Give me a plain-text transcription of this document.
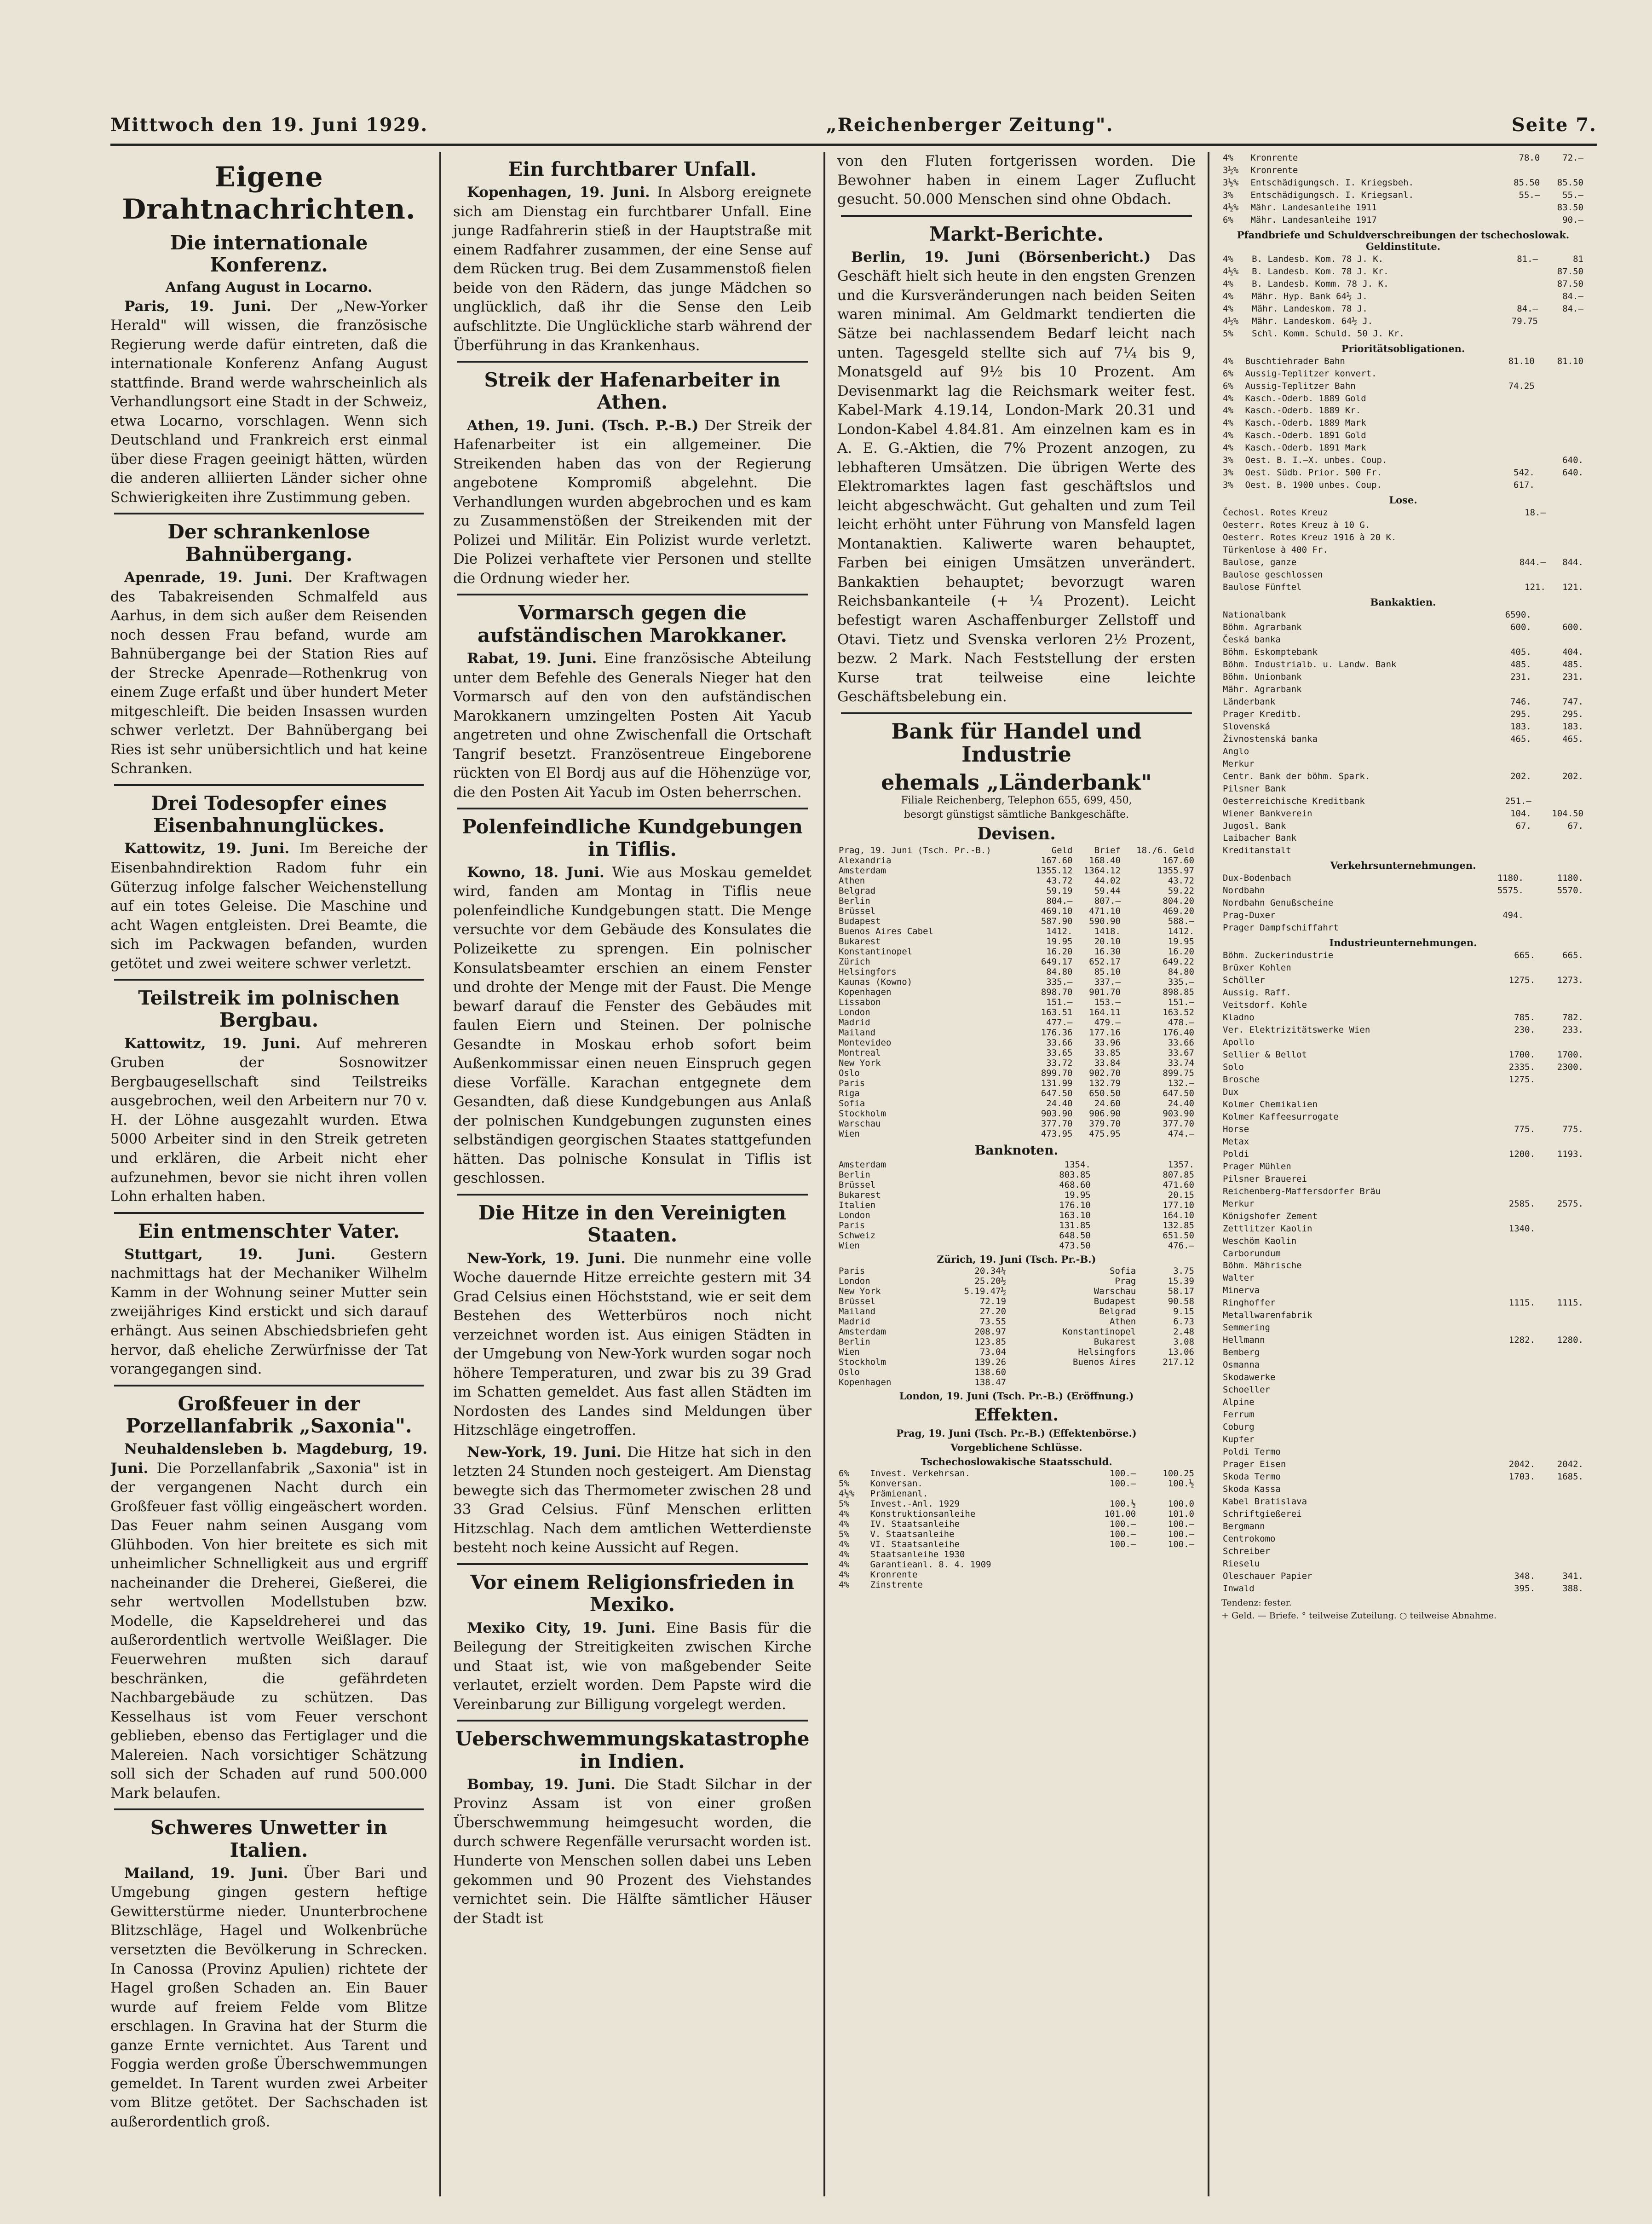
Mittwoch den 19. Juni 1929.	„Reichenberger Zeitung".	Seite 7.
Eigene Drahtnachrichten.
Die internationale Konferenz.
Anfang August in Locarno.

Paris, 19. Juni. Der „New-Yorker Herald" will wissen, die französische Regierung werde dafür eintreten, daß die internationale Konferenz Anfang August stattfinde. Brand werde wahrscheinlich als Verhandlungsort eine Stadt in der Schweiz, etwa Locarno, vorschlagen. Wenn sich Deutschland und Frankreich erst einmal über diese Fragen geeinigt hätten, würden die anderen alliierten Länder sicher ohne Schwierigkeiten ihre Zustimmung geben.

Der schrankenlose Bahnübergang.

Apenrade, 19. Juni. Der Kraftwagen des Tabakreisenden Schmalfeld aus Aarhus, in dem sich außer dem Reisenden noch dessen Frau befand, wurde am Bahnübergange bei der Station Ries auf der Strecke Apenrade—Rothenkrug von einem Zuge erfaßt und über hundert Meter mitgeschleift. Die beiden Insassen wurden schwer verletzt. Der Bahnübergang bei Ries ist sehr unübersichtlich und hat keine Schranken.

Drei Todesopfer eines Eisenbahnunglückes.

Kattowitz, 19. Juni. Im Bereiche der Eisenbahndirektion Radom fuhr ein Güterzug infolge falscher Weichenstellung auf ein totes Geleise. Die Maschine und acht Wagen entgleisten. Drei Beamte, die sich im Packwagen befanden, wurden getötet und zwei weitere schwer verletzt.

Teilstreik im polnischen Bergbau.

Kattowitz, 19. Juni. Auf mehreren Gruben der Sosnowitzer Bergbaugesellschaft sind Teilstreiks ausgebrochen, weil den Arbeitern nur 70 v. H. der Löhne ausgezahlt wurden. Etwa 5000 Arbeiter sind in den Streik getreten und erklären, die Arbeit nicht eher aufzunehmen, bevor sie nicht ihren vollen Lohn erhalten haben.

Ein entmenschter Vater.

Stuttgart, 19. Juni. Gestern nachmittags hat der Mechaniker Wilhelm Kamm in der Wohnung seiner Mutter sein zweijähriges Kind erstickt und sich darauf erhängt. Aus seinen Abschiedsbriefen geht hervor, daß eheliche Zerwürfnisse der Tat vorangegangen sind.

Großfeuer in der Porzellanfabrik „Saxonia".

Neuhaldensleben b. Magdeburg, 19. Juni. Die Porzellanfabrik „Saxonia" ist in der vergangenen Nacht durch ein Großfeuer fast völlig eingeäschert worden. Das Feuer nahm seinen Ausgang vom Glühboden. Von hier breitete es sich mit unheimlicher Schnelligkeit aus und ergriff nacheinander die Dreherei, Gießerei, die sehr wertvollen Modellstuben bzw. Modelle, die Kapseldreherei und das außerordentlich wertvolle Weißlager. Die Feuerwehren mußten sich darauf beschränken, die gefährdeten Nachbargebäude zu schützen. Das Kesselhaus ist vom Feuer verschont geblieben, ebenso das Fertiglager und die Malereien. Nach vorsichtiger Schätzung soll sich der Schaden auf rund 500.000 Mark belaufen.

Schweres Unwetter in Italien.

Mailand, 19. Juni. Über Bari und Umgebung gingen gestern heftige Gewitterstürme nieder. Ununterbrochene Blitzschläge, Hagel und Wolkenbrüche versetzten die Bevölkerung in Schrecken. In Canossa (Provinz Apulien) richtete der Hagel großen Schaden an. Ein Bauer wurde auf freiem Felde vom Blitze erschlagen. In Gravina hat der Sturm die ganze Ernte vernichtet. Aus Tarent und Foggia werden große Überschwemmungen gemeldet. In Tarent wurden zwei Arbeiter vom Blitze getötet. Der Sachschaden ist außerordentlich groß.

Ein furchtbarer Unfall.

Kopenhagen, 19. Juni. In Alsborg ereignete sich am Dienstag ein furchtbarer Unfall. Eine junge Radfahrerin stieß in der Hauptstraße mit einem Radfahrer zusammen, der eine Sense auf dem Rücken trug. Bei dem Zusammenstoß fielen beide von den Rädern, das junge Mädchen so unglücklich, daß ihr die Sense den Leib aufschlitzte. Die Unglückliche starb während der Überführung in das Krankenhaus.

Streik der Hafenarbeiter in Athen.

Athen, 19. Juni. (Tsch. P.-B.) Der Streik der Hafenarbeiter ist ein allgemeiner. Die Streikenden haben das von der Regierung angebotene Kompromiß abgelehnt. Die Verhandlungen wurden abgebrochen und es kam zu Zusammenstößen der Streikenden mit der Polizei und Militär. Ein Polizist wurde verletzt. Die Polizei verhaftete vier Personen und stellte die Ordnung wieder her.

Vormarsch gegen die aufständischen Marokkaner.

Rabat, 19. Juni. Eine französische Abteilung unter dem Befehle des Generals Nieger hat den Vormarsch auf den von den aufständischen Marokkanern umzingelten Posten Ait Yacub angetreten und ohne Zwischenfall die Ortschaft Tangrif besetzt. Französentreue Eingeborene rückten von El Bordj aus auf die Höhenzüge vor, die den Posten Ait Yacub im Osten beherrschen.

Polenfeindliche Kundgebungen in Tiflis.

Kowno, 18. Juni. Wie aus Moskau gemeldet wird, fanden am Montag in Tiflis neue polenfeindliche Kundgebungen statt. Die Menge versuchte vor dem Gebäude des Konsulates die Polizeikette zu sprengen. Ein polnischer Konsulatsbeamter erschien an einem Fenster und drohte der Menge mit der Faust. Die Menge bewarf darauf die Fenster des Gebäudes mit faulen Eiern und Steinen. Der polnische Gesandte in Moskau erhob sofort beim Außenkommissar einen neuen Einspruch gegen diese Vorfälle. Karachan entgegnete dem Gesandten, daß diese Kundgebungen aus Anlaß der polnischen Kundgebungen zugunsten eines selbständigen georgischen Staates stattgefunden hätten. Das polnische Konsulat in Tiflis ist geschlossen.

Die Hitze in den Vereinigten Staaten.

New-York, 19. Juni. Die nunmehr eine volle Woche dauernde Hitze erreichte gestern mit 34 Grad Celsius einen Höchststand, wie er seit dem Bestehen des Wetterbüros noch nicht verzeichnet worden ist. Aus einigen Städten in der Umgebung von New-York wurden sogar noch höhere Temperaturen, und zwar bis zu 39 Grad im Schatten gemeldet. Aus fast allen Städten im Nordosten des Landes sind Meldungen über Hitzschläge eingetroffen.

New-York, 19. Juni. Die Hitze hat sich in den letzten 24 Stunden noch gesteigert. Am Dienstag bewegte sich das Thermometer zwischen 28 und 33 Grad Celsius. Fünf Menschen erlitten Hitzschlag. Nach dem amtlichen Wetterdienste besteht noch keine Aussicht auf Regen.

Vor einem Religionsfrieden in Mexiko.

Mexiko City, 19. Juni. Eine Basis für die Beilegung der Streitigkeiten zwischen Kirche und Staat ist, wie von maßgebender Seite verlautet, erzielt worden. Dem Papste wird die Vereinbarung zur Billigung vorgelegt werden.

Ueberschwemmungskatastrophe in Indien.

Bombay, 19. Juni. Die Stadt Silchar in der Provinz Assam ist von einer großen Überschwemmung heimgesucht worden, die durch schwere Regenfälle verursacht worden ist. Hunderte von Menschen sollen dabei uns Leben gekommen und 90 Prozent des Viehstandes vernichtet sein. Die Hälfte sämtlicher Häuser der Stadt ist

von den Fluten fortgerissen worden. Die Bewohner haben in einem Lager Zuflucht gesucht. 50.000 Menschen sind ohne Obdach.

Markt-Berichte.

Berlin, 19. Juni (Börsenbericht.) Das Geschäft hielt sich heute in den engsten Grenzen und die Kursveränderungen nach beiden Seiten waren minimal. Am Geldmarkt tendierten die Sätze bei nachlassendem Bedarf leicht nach unten. Tagesgeld stellte sich auf 7¼ bis 9, Monatsgeld auf 9½ bis 10 Prozent. Am Devisenmarkt lag die Reichsmark weiter fest. Kabel-Mark 4.19.14, London-Mark 20.31 und London-Kabel 4.84.81. Am einzelnen kam es in A. E. G.-Aktien, die 7% Prozent anzogen, zu lebhafteren Umsätzen. Die übrigen Werte des Elektromarktes lagen fast geschäftslos und leicht abgeschwächt. Gut gehalten und zum Teil leicht erhöht unter Führung von Mansfeld lagen Montanaktien. Kaliwerte waren behauptet, Farben bei einigen Umsätzen unverändert. Bankaktien behauptet; bevorzugt waren Reichsbankanteile (+ ¼ Prozent). Leicht befestigt waren Aschaffenburger Zellstoff und Otavi. Tietz und Svenska verloren 2½ Prozent, bezw. 2 Mark. Nach Feststellung der ersten Kurse trat teilweise eine leichte Geschäftsbelebung ein.

Bank für Handel und Industrie
ehemals „Länderbank"
Filiale Reichenberg, Telephon 655, 699, 450,
besorgt günstigst sämtliche Bankgeschäfte.
Devisen.
Prag, 19. Juni (Tsch. Pr.-B.)	Geld	Brief	18./6. Geld
Alexandria	167.60	168.40	167.60
Amsterdam	1355.12	1364.12	1355.97
Athen	43.72	44.02	43.72
Belgrad	59.19	59.44	59.22
Berlin	804.—	807.—	804.20
Brüssel	469.10	471.10	469.20
Budapest	587.90	590.90	588.—
Buenos Aires Cabel	1412.	1418.	1412.
Bukarest	19.95	20.10	19.95
Konstantinopel	16.20	16.30	16.20
Zürich	649.17	652.17	649.22
Helsingfors	84.80	85.10	84.80
Kaunas (Kowno)	335.—	337.—	335.—
Kopenhagen	898.70	901.70	898.85
Lissabon	151.—	153.—	151.—
London	163.51	164.11	163.52
Madrid	477.—	479.—	478.—
Mailand	176.36	177.16	176.40
Montevideo	33.66	33.96	33.66
Montreal	33.65	33.85	33.67
New York	33.72	33.84	33.74
Oslo	899.70	902.70	899.75
Paris	131.99	132.79	132.—
Riga	647.50	650.50	647.50
Sofia	24.40	24.60	24.40
Stockholm	903.90	906.90	903.90
Warschau	377.70	379.70	377.70
Wien	473.95	475.95	474.—
Banknoten.
Amsterdam	1354.	1357.
Berlin	803.85	807.85
Brüssel	468.60	471.60
Bukarest	19.95	20.15
Italien	176.10	177.10
London	163.10	164.10
Paris	131.85	132.85
Schweiz	648.50	651.50
Wien	473.50	476.—
Zürich, 19. Juni (Tsch. Pr.-B.)
Paris	20.34¼	Sofia	3.75
London	25.20½	Prag	15.39
New York	5.19.47½	Warschau	58.17
Brüssel	72.19	Budapest	90.58
Mailand	27.20	Belgrad	9.15
Madrid	73.55	Athen	6.73
Amsterdam	208.97	Konstantinopel	2.48
Berlin	123.85	Bukarest	3.08
Wien	73.04	Helsingfors	13.06
Stockholm	139.26	Buenos Aires	217.12
Oslo	138.60		
Kopenhagen	138.47		
London, 19. Juni (Tsch. Pr.-B.) (Eröffnung.)
Effekten.
Prag, 19. Juni (Tsch. Pr.-B.) (Effektenbörse.)
Vorgeblichene Schlüsse.
Tschechoslowakische Staatsschuld.
6%	Invest. Verkehrsan.	100.—	100.25
5%	Konversan.	100.—	100.½
4½%	Prämienanl.		
5%	Invest.-Anl. 1929	100.½	100.0
4%	Konstruktionsanleihe	101.00	101.0
4%	IV. Staatsanleihe	100.—	100.—
5%	V. Staatsanleihe	100.—	100.—
4%	VI. Staatsanleihe	100.—	100.—
4%	Staatsanleihe 1930		
4%	Garantieanl. 8. 4. 1909		
4%	Kronrente		
4%	Zinstrente		
4%	Kronrente	78.0	72.—
3½%	Kronrente		
3½%	Entschädigungsch. I. Kriegsbeh.	85.50	85.50
3%	Entschädigungsch. I. Kriegsanl.	55.—	55.—
4½%	Mähr. Landesanleihe 1911		83.50
6%	Mähr. Landesanleihe 1917		90.—
Pfandbriefe und Schuldverschreibungen der tschechoslowak. Geldinstitute.
4%	B. Landesb. Kom. 78 J. K.	81.—	81
4½%	B. Landesb. Kom. 78 J. Kr.		87.50
4%	B. Landesb. Komm. 78 J. K.		87.50
4%	Mähr. Hyp. Bank 64½ J.		84.—
4%	Mähr. Landeskom. 78 J.	84.—	84.—
4½%	Mähr. Landeskom. 64½ J.	79.75	
5%	Schl. Komm. Schuld. 50 J. Kr.		
Prioritätsobligationen.
4%	Buschtiehrader Bahn	81.10	81.10
6%	Aussig-Teplitzer konvert.		
6%	Aussig-Teplitzer Bahn	74.25	
4%	Kasch.-Oderb. 1889 Gold		
4%	Kasch.-Oderb. 1889 Kr.		
4%	Kasch.-Oderb. 1889 Mark		
4%	Kasch.-Oderb. 1891 Gold		
4%	Kasch.-Oderb. 1891 Mark		
3%	Oest. B. I.—X. unbes. Coup.		640.
3%	Oest. Südb. Prior. 500 Fr.	542.	640.
3%	Oest. B. 1900 unbes. Coup.	617.	
Lose.
Čechosl. Rotes Kreuz	18.—	
Oesterr. Rotes Kreuz à 10 G.		
Oesterr. Rotes Kreuz 1916 à 20 K.		
Türkenlose à 400 Fr.		
Baulose, ganze	844.—	844.
Baulose geschlossen		
Baulose Fünftel	121.	121.
Bankaktien.
Nationalbank	6590.	
Böhm. Agrarbank	600.	600.
Česká banka		
Böhm. Eskomptebank	405.	404.
Böhm. Industrialb. u. Landw. Bank	485.	485.
Böhm. Unionbank	231.	231.
Mähr. Agrarbank		
Länderbank	746.	747.
Prager Kreditb.	295.	295.
Slovenská	183.	183.
Živnostenská banka	465.	465.
Anglo		
Merkur		
Centr. Bank der böhm. Spark.	202.	202.
Pilsner Bank		
Oesterreichische Kreditbank	251.—	
Wiener Bankverein	104.	104.50
Jugosl. Bank	67.	67.
Laibacher Bank		
Kreditanstalt		
Verkehrsunternehmungen.
Dux-Bodenbach	1180.	1180.
Nordbahn	5575.	5570.
Nordbahn Genußscheine		
Prag-Duxer	494.	
Prager Dampfschiffahrt		
Industrieunternehmungen.
Böhm. Zuckerindustrie	665.	665.
Brüxer Kohlen		
Schöller	1275.	1273.
Aussig. Raff.		
Veitsdorf. Kohle		
Kladno	785.	782.
Ver. Elektrizitätswerke Wien	230.	233.
Apollo		
Sellier & Bellot	1700.	1700.
Solo	2335.	2300.
Brosche	1275.	
Dux		
Kolmer Chemikalien		
Kolmer Kaffeesurrogate		
Horse	775.	775.
Metax		
Poldi	1200.	1193.
Prager Mühlen		
Pilsner Brauerei		
Reichenberg-Maffersdorfer Bräu		
Merkur	2585.	2575.
Königshofer Zement		
Zettlitzer Kaolin	1340.	
Weschöm Kaolin		
Carborundum		
Böhm. Mährische		
Walter		
Minerva		
Ringhoffer	1115.	1115.
Metallwarenfabrik		
Semmering		
Hellmann	1282.	1280.
Bemberg		
Osmanna		
Skodawerke		
Schoeller		
Alpine		
Ferrum		
Coburg		
Kupfer		
Poldi Termo		
Prager Eisen	2042.	2042.
Skoda Termo	1703.	1685.
Skoda Kassa		
Kabel Bratislava		
Schriftgießerei		
Bergmann		
Centrokomo		
Schreiber		
Rieselu		
Oleschauer Papier	348.	341.
Inwald	395.	388.
Tendenz: fester.
+ Geld. — Briefe. ° teilweise Zuteilung. ○ teilweise Abnahme.
